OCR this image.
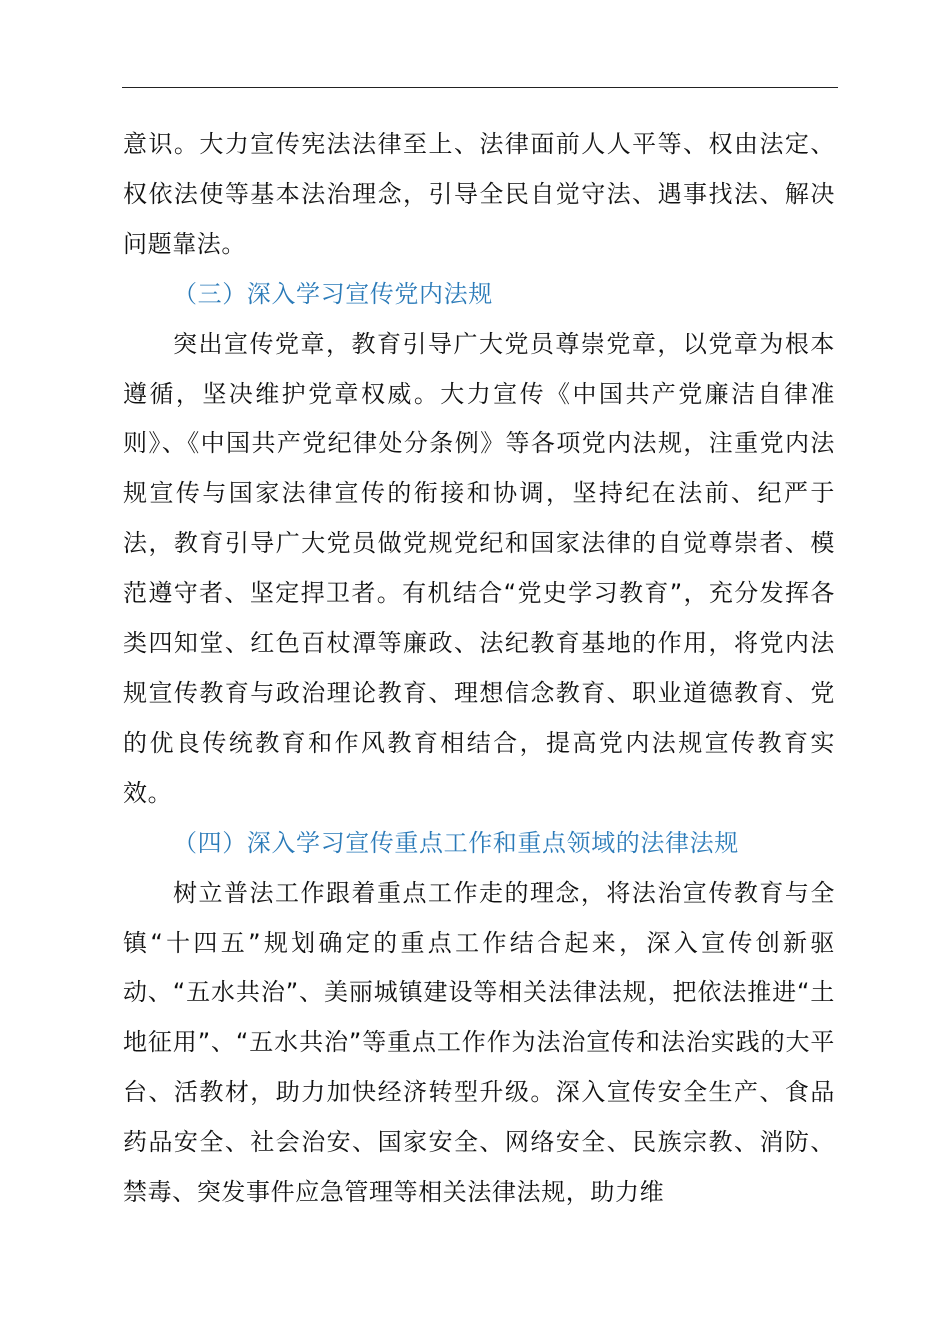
意识。大力宣传宪法法律至上、法律面前人人平等、权由法定、权依法使等基本法治理念，引导全民自觉守法、遇事找法、解决问题靠法。

（三）深入学习宣传党内法规

突出宣传党章，教育引导广大党员尊崇党章，以党章为根本遵循，坚决维护党章权威。大力宣传《中国共产党廉洁自律准则》、《中国共产党纪律处分条例》等各项党内法规，注重党内法规宣传与国家法律宣传的衔接和协调，坚持纪在法前、纪严于法，教育引导广大党员做党规党纪和国家法律的自觉尊崇者、模范遵守者、坚定捍卫者。有机结合“党史学习教育”，充分发挥各类四知堂、红色百杖潭等廉政、法纪教育基地的作用，将党内法规宣传教育与政治理论教育、理想信念教育、职业道德教育、党的优良传统教育和作风教育相结合，提高党内法规宣传教育实效。

（四）深入学习宣传重点工作和重点领域的法律法规

树立普法工作跟着重点工作走的理念，将法治宣传教育与全镇“十四五”规划确定的重点工作结合起来，深入宣传创新驱动、“五水共治”、美丽城镇建设等相关法律法规，把依法推进“土地征用”、“五水共治”等重点工作作为法治宣传和法治实践的大平台、活教材，助力加快经济转型升级。深入宣传安全生产、食品药品安全、社会治安、国家安全、网络安全、民族宗教、消防、禁毒、突发事件应急管理等相关法律法规，助力维
